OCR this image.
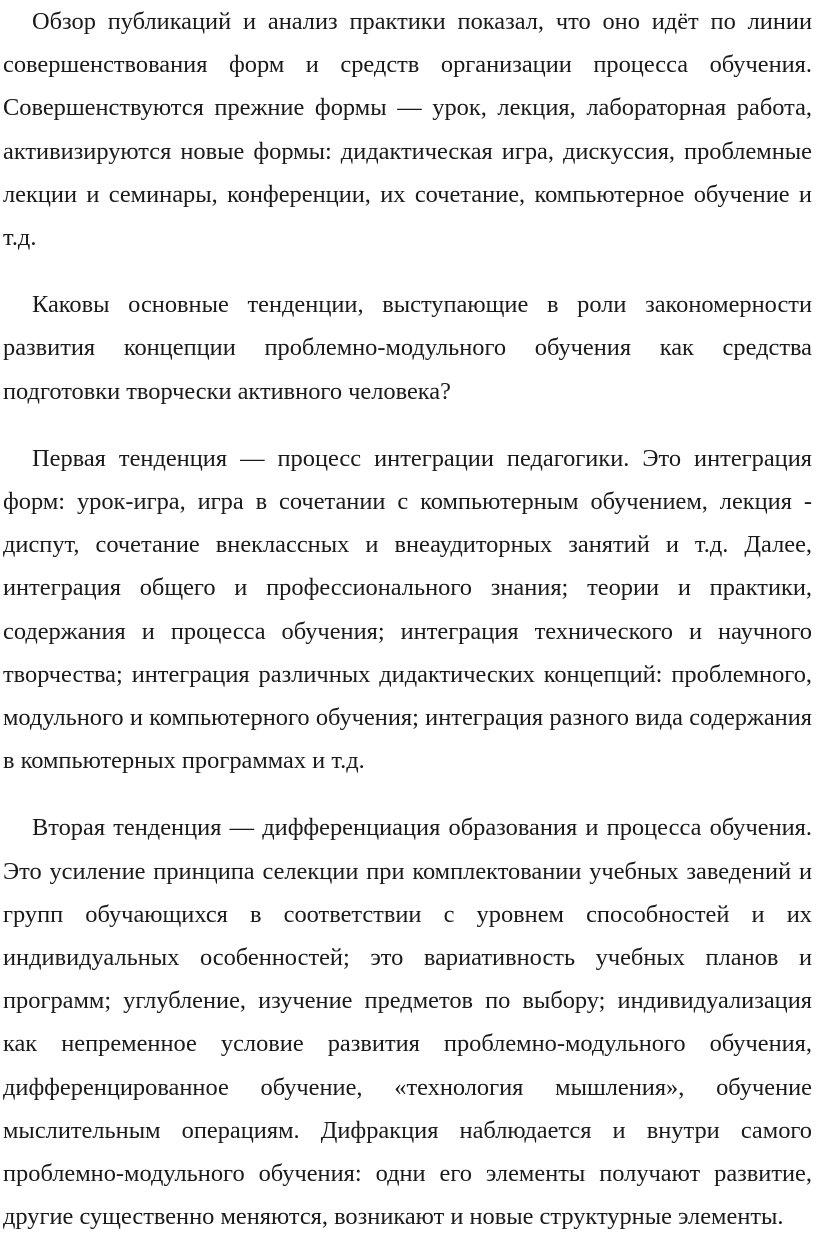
Обзор публикаций и анализ практики показал, что оно идёт по линии совершенствования форм и средств организации процесса обучения. Совершенствуются прежние формы — урок, лекция, лабораторная работа, активизируются новые формы: дидактическая игра, дискуссия, проблемные лекции и семинары, конференции, их сочетание, компьютерное обучение и т.д.

Каковы основные тенденции, выступающие в роли закономерности развития концепции проблемно-модульного обучения как средства подготовки творчески активного человека?

Первая тенденция — процесс интеграции педагогики. Это интеграция форм: урок-игра, игра в сочетании с компьютерным обучением, лекция - диспут, сочетание внеклассных и внеаудиторных занятий и т.д. Далее, интеграция общего и профессионального знания; теории и практики, содержания и процесса обучения; интеграция технического и научного творчества; интеграция различных дидактических концепций: проблемного, модульного и компьютерного обучения; интеграция разного вида содержания в компьютерных программах и т.д.

Вторая тенденция — дифференциация образования и процесса обучения. Это усиление принципа селекции при комплектовании учебных заведений и групп обучающихся в соответствии с уровнем способностей и их индивидуальных особенностей; это вариативность учебных планов и программ; углубление, изучение предметов по выбору; индивидуализация как непременное условие развития проблемно-модульного обучения, дифференцированное обучение, «технология мышления», обучение мыслительным операциям. Дифракция наблюдается и внутри самого проблемно-модульного обучения: одни его элементы получают развитие, другие существенно меняются, возникают и новые структурные элементы.
